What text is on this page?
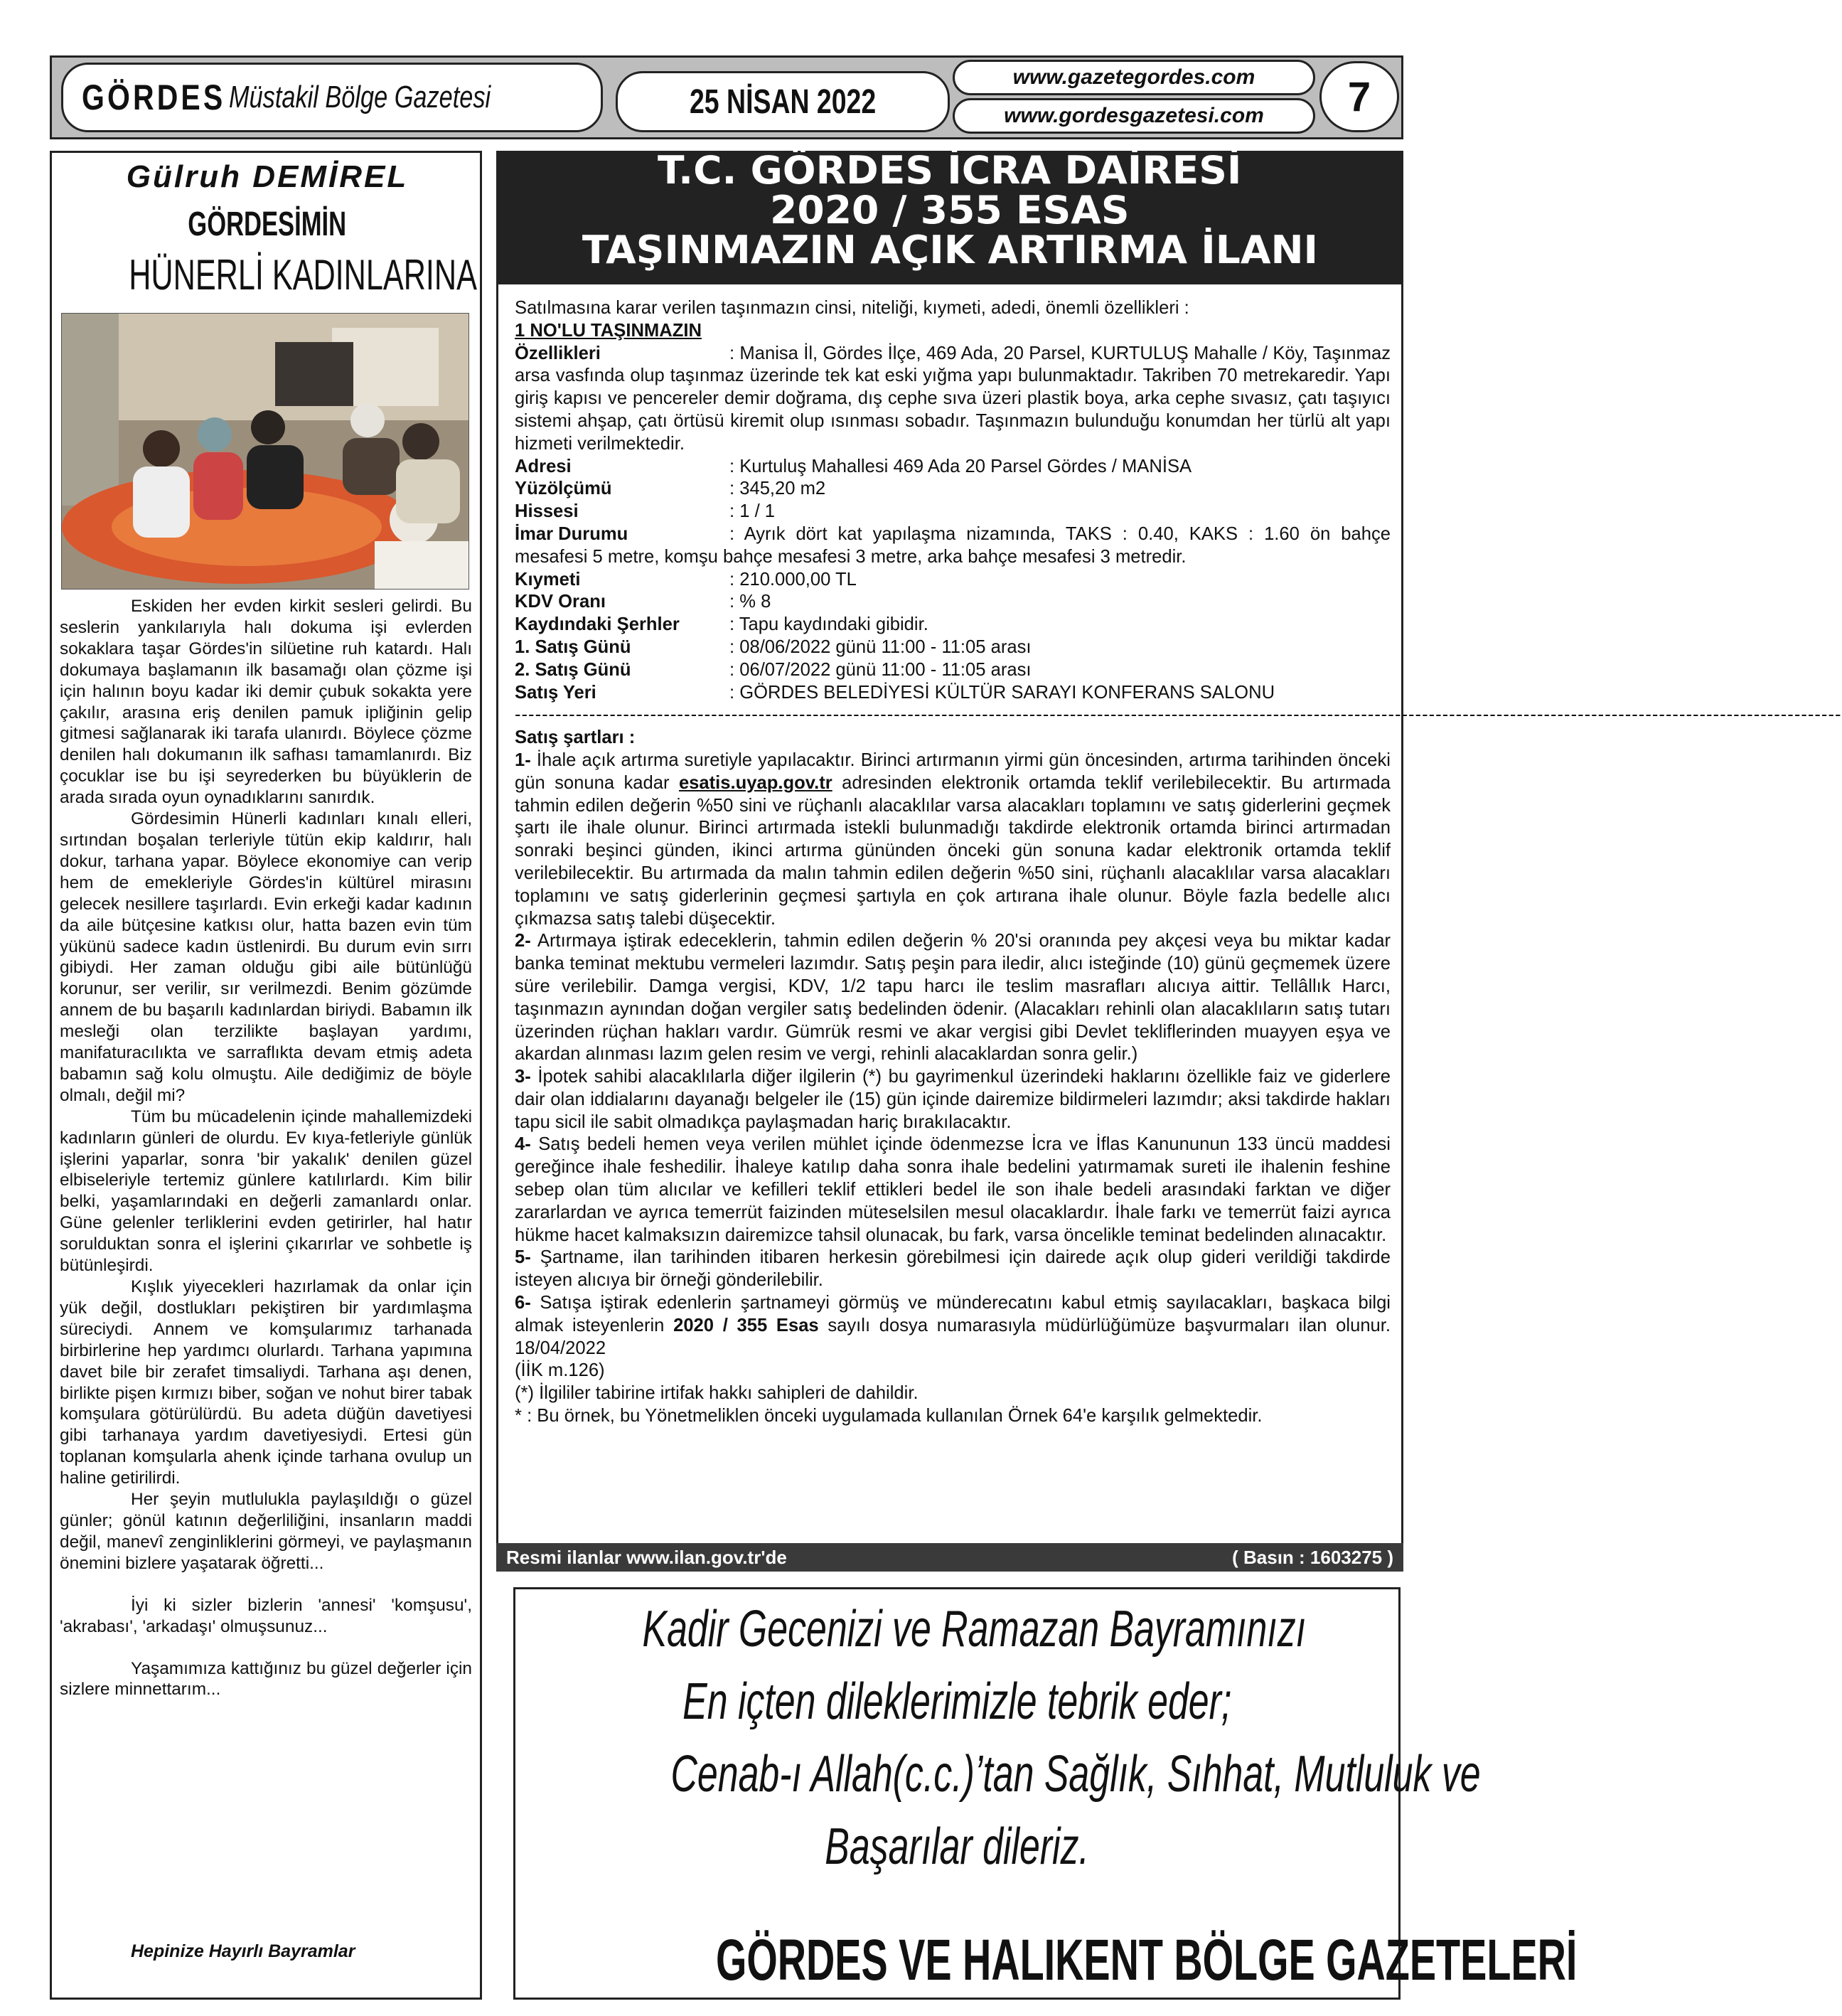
GÖRDES Müstakil Bölge Gazetesi	25 NİSAN 2022
www.gazetegordes.com
www.gordesgazetesi.com	7
Gülruh DEMİREL
GÖRDESİMİN
HÜNERLİ KADINLARINA

Eskiden her evden kirkit sesleri gelirdi. Bu seslerin yankılarıyla halı dokuma işi evlerden sokaklara taşar Gördes'in silüetine ruh katardı. Halı dokumaya başlamanın ilk basamağı olan çözme işi için halının boyu kadar iki demir çubuk sokakta yere çakılır, arasına eriş denilen pamuk ipliğinin gelip gitmesi sağlanarak iki tarafa ulanırdı. Böylece çözme denilen halı dokumanın ilk safhası tamamlanırdı. Biz çocuklar ise bu işi seyrederken bu büyüklerin de arada sırada oyun oynadıklarını sanırdık.

Gördesimin Hünerli kadınları kınalı elleri, sırtından boşalan terleriyle tütün ekip kaldırır, halı dokur, tarhana yapar. Böylece ekonomiye can verip hem de emekleriyle Gördes'in kültürel mirasını gelecek nesillere taşırlardı. Evin erkeği kadar kadının da aile bütçesine katkısı olur, hatta bazen evin tüm yükünü sadece kadın üstlenirdi. Bu durum evin sırrı gibiydi. Her zaman olduğu gibi aile bütünlüğü korunur, ser verilir, sır verilmezdi. Benim gözümde annem de bu başarılı kadınlardan biriydi. Babamın ilk mesleği olan terzilikte başlayan yardımı, manifaturacılıkta ve sarraflıkta devam etmiş adeta babamın sağ kolu olmuştu. Aile dediğimiz de böyle olmalı, değil mi?

Tüm bu mücadelenin içinde mahallemizdeki kadınların günleri de olurdu. Ev kıya-fetleriyle günlük işlerini yaparlar, sonra 'bir yakalık' denilen güzel elbiseleriyle tertemiz günlere katılırlardı. Kim bilir belki, yaşamlarındaki en değerli zamanlardı onlar. Güne gelenler terliklerini evden getirirler, hal hatır sorulduktan sonra el işlerini çıkarırlar ve sohbetle iş bütünleşirdi.

Kışlık yiyecekleri hazırlamak da onlar için yük değil, dostlukları pekiştiren bir yardımlaşma süreciydi. Annem ve komşularımız tarhanada birbirlerine hep yardımcı olurlardı. Tarhana yapımına davet bile bir zerafet timsaliydi. Tarhana aşı denen, birlikte pişen kırmızı biber, soğan ve nohut birer tabak komşulara götürülürdü. Bu adeta düğün davetiyesi gibi tarhanaya yardım davetiyesiydi. Ertesi gün toplanan komşularla ahenk içinde tarhana ovulup un haline getirilirdi.

Her şeyin mutlulukla paylaşıldığı o güzel günler; gönül katının değerliliğini, insanların maddi değil, manevî zenginliklerini görmeyi, ve paylaşmanın önemini bizlere yaşatarak öğretti...

İyi ki sizler bizlerin 'annesi' 'komşusu', 'akrabası', 'arkadaşı' olmuşsunuz...

Yaşamımıza kattığınız bu güzel değerler için sizlere minnettarım...

Hepinize Hayırlı Bayramlar
T.C. GÖRDES İCRA DAİRESİ
2020 / 355 ESAS
TAŞINMAZIN AÇIK ARTIRMA İLANI

Satılmasına karar verilen taşınmazın cinsi, niteliği, kıymeti, adedi, önemli özellikleri :

1 NO'LU TAŞINMAZIN

Özellikleri	: Manisa İl, Gördes İlçe, 469 Ada, 20 Parsel, KURTULUŞ Mahalle / Köy, Taşınmaz arsa vasfında olup taşınmaz üzerinde tek kat eski yığma yapı bulunmaktadır. Takriben 70 metrekaredir. Yapı giriş kapısı ve pencereler demir doğrama, dış cephe sıva üzeri plastik boya, arka cephe sıvasız, çatı taşıyıcı sistemi ahşap, çatı örtüsü kiremit olup ısınması sobadır. Taşınmazın bulunduğu konumdan her türlü alt yapı hizmeti verilmektedir.

Adresi	: Kurtuluş Mahallesi 469 Ada 20 Parsel Gördes / MANİSA
Yüzölçümü	: 345,20 m2
Hissesi	: 1 / 1

İmar Durumu	: Ayrık dört kat yapılaşma nizamında, TAKS : 0.40, KAKS : 1.60 ön bahçe mesafesi 5 metre, komşu bahçe mesafesi 3 metre, arka bahçe mesafesi 3 metredir.

Kıymeti	: 210.000,00 TL
KDV Oranı	: % 8
Kaydındaki Şerhler	: Tapu kaydındaki gibidir.
1. Satış Günü	: 08/06/2022 günü 11:00 - 11:05 arası
2. Satış Günü	: 06/07/2022 günü 11:00 - 11:05 arası
Satış Yeri	: GÖRDES BELEDİYESİ KÜLTÜR SARAYI KONFERANS SALONU
----------------------------------------------------------------------------------------------------------------------------------------------------------------------------------------------------

Satış şartları :

1- İhale açık artırma suretiyle yapılacaktır. Birinci artırmanın yirmi gün öncesinden, artırma tarihinden önceki gün sonuna kadar esatis.uyap.gov.tr adresinden elektronik ortamda teklif verilebilecektir. Bu artırmada tahmin edilen değerin %50 sini ve rüçhanlı alacaklılar varsa alacakları toplamını ve satış giderlerini geçmek şartı ile ihale olunur. Birinci artırmada istekli bulunmadığı takdirde elektronik ortamda birinci artırmadan sonraki beşinci günden, ikinci artırma gününden önceki gün sonuna kadar elektronik ortamda teklif verilebilecektir. Bu artırmada da malın tahmin edilen değerin %50 sini, rüçhanlı alacaklılar varsa alacakları toplamını ve satış giderlerinin geçmesi şartıyla en çok artırana ihale olunur. Böyle fazla bedelle alıcı çıkmazsa satış talebi düşecektir.

2- Artırmaya iştirak edeceklerin, tahmin edilen değerin % 20'si oranında pey akçesi veya bu miktar kadar banka teminat mektubu vermeleri lazımdır. Satış peşin para iledir, alıcı isteğinde (10) günü geçmemek üzere süre verilebilir. Damga vergisi, KDV, 1/2 tapu harcı ile teslim masrafları alıcıya aittir. Tellâllık Harcı, taşınmazın aynından doğan vergiler satış bedelinden ödenir. (Alacakları rehinli olan alacaklıların satış tutarı üzerinden rüçhan hakları vardır. Gümrük resmi ve akar vergisi gibi Devlet tekliflerinden muayyen eşya ve akardan alınması lazım gelen resim ve vergi, rehinli alacaklardan sonra gelir.)

3- İpotek sahibi alacaklılarla diğer ilgilerin (*) bu gayrimenkul üzerindeki haklarını özellikle faiz ve giderlere dair olan iddialarını dayanağı belgeler ile (15) gün içinde dairemize bildirmeleri lazımdır; aksi takdirde hakları tapu sicil ile sabit olmadıkça paylaşmadan hariç bırakılacaktır.

4- Satış bedeli hemen veya verilen mühlet içinde ödenmezse İcra ve İflas Kanununun 133 üncü maddesi gereğince ihale feshedilir. İhaleye katılıp daha sonra ihale bedelini yatırmamak sureti ile ihalenin feshine sebep olan tüm alıcılar ve kefilleri teklif ettikleri bedel ile son ihale bedeli arasındaki farktan ve diğer zararlardan ve ayrıca temerrüt faizinden müteselsilen mesul olacaklardır. İhale farkı ve temerrüt faizi ayrıca hükme hacet kalmaksızın dairemizce tahsil olunacak, bu fark, varsa öncelikle teminat bedelinden alınacaktır.

5- Şartname, ilan tarihinden itibaren herkesin görebilmesi için dairede açık olup gideri verildiği takdirde isteyen alıcıya bir örneği gönderilebilir.

6- Satışa iştirak edenlerin şartnameyi görmüş ve münderecatını kabul etmiş sayılacakları, başkaca bilgi almak isteyenlerin 2020 / 355 Esas sayılı dosya numarasıyla müdürlüğümüze başvurmaları ilan olunur. 18/04/2022

(İİK m.126)

(*) İlgililer tabirine irtifak hakkı sahipleri de dahildir.

* : Bu örnek, bu Yönetmeliklen önceki uygulamada kullanılan Örnek 64'e karşılık gelmektedir.

Resmi ilanlar www.ilan.gov.tr'de	( Basın : 1603275 )
Kadir Gecenizi ve Ramazan Bayramınızı
En içten dileklerimizle tebrik eder;
Cenab-ı Allah(c.c.)’tan Sağlık, Sıhhat, Mutluluk ve
Başarılar dileriz.
GÖRDES VE HALIKENT BÖLGE GAZETELERİ
